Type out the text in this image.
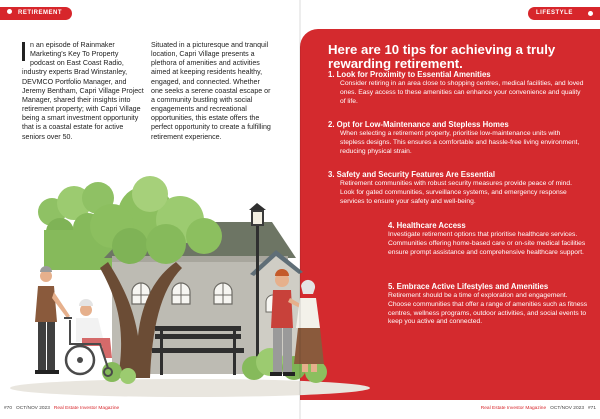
RETIREMENT	LIFESTYLE
n an episode of Rainmaker Marketing’s Key To Property podcast on East Coast Radio, industry experts Brad Winstanley, DEVMCO Portfolio Manager, and Jeremy Bentham, Capri Village Project Manager, shared their insights into retirement property; with Capri Village being a smart investment opportunity that is a coastal estate for active seniors over 50.
Situated in a picturesque and tranquil location, Capri Village presents a plethora of amenities and activities aimed at keeping residents healthy, engaged, and connected. Whether one seeks a serene coastal escape or a community bustling with social engagements and recreational opportunities, this estate offers the perfect opportunity to create a fulfilling retirement experience.
Here are 10 tips for achieving a truly rewarding retirement.
1. Look for Proximity to Essential Amenities
Consider retiring in an area close to shopping centres, medical facilities, and loved ones. Easy access to these amenities can enhance your convenience and quality of life.
2. Opt for Low-Maintenance and Stepless Homes
When selecting a retirement property, prioritise low-maintenance units with stepless designs. This ensures a comfortable and hassle-free living environment, reducing physical strain.
3. Safety and Security Features Are Essential
Retirement communities with robust security measures provide peace of mind. Look for gated communities, surveillance systems, and emergency response services to ensure your safety and well-being.
4. Healthcare Access
Investigate retirement options that prioritise healthcare services. Communities offering home-based care or on-site medical facilities ensure prompt assistance and comprehensive healthcare support.
5. Embrace Active Lifestyles and Amenities
Retirement should be a time of exploration and engagement. Choose communities that offer a range of amenities such as fitness centres, wellness programs, outdoor activities, and social events to keep you active and connected.
#70 OCT/NOV 2023 Real Estate Investor Magazine	Real Estate Investor Magazine OCT/NOV 2023 #71
